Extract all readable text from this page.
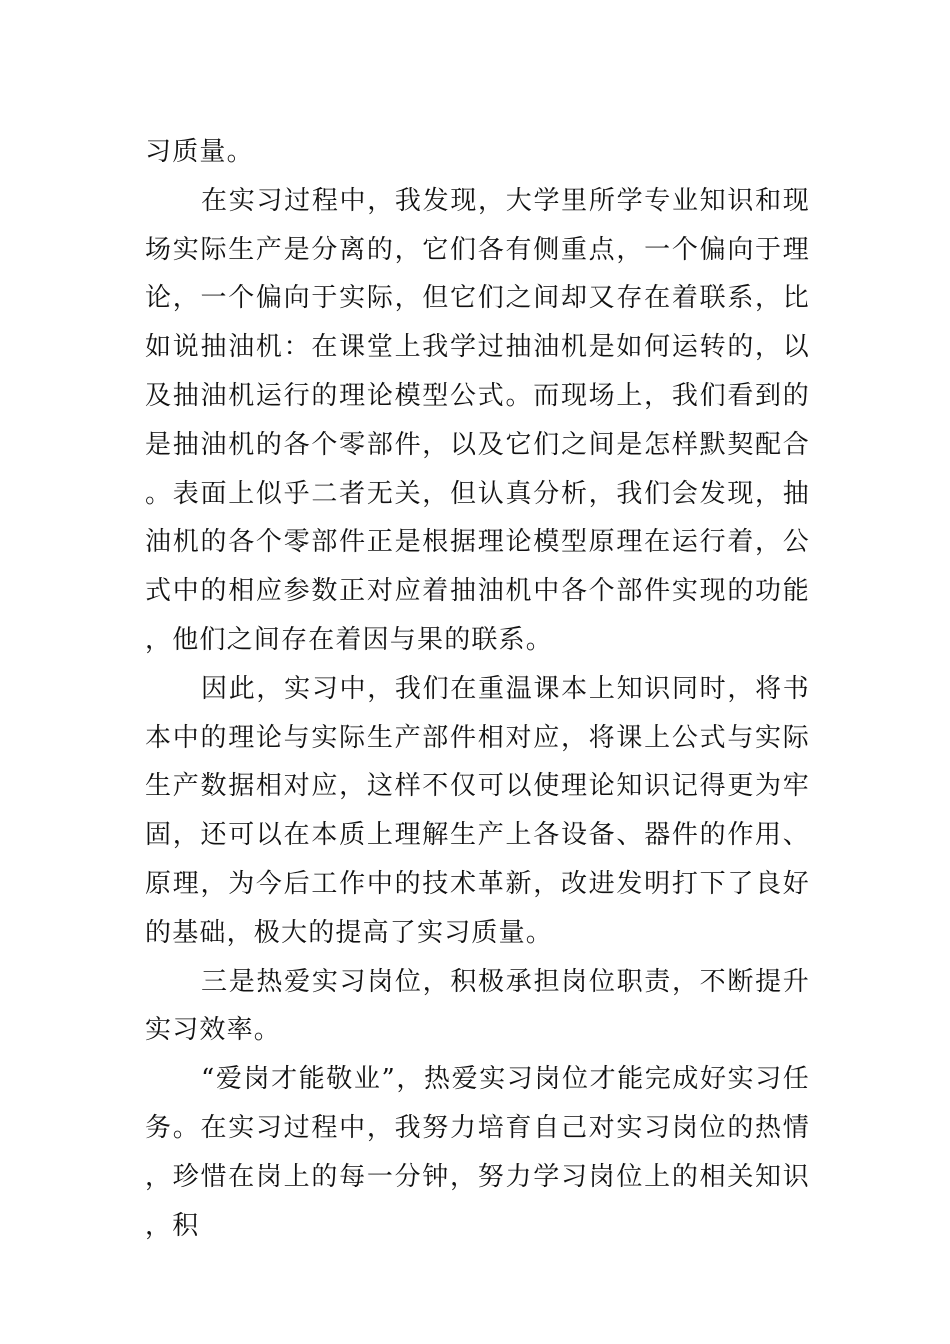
习质量。

在实习过程中，我发现，大学里所学专业知识和现场实际生产是分离的，它们各有侧重点，一个偏向于理论，一个偏向于实际，但它们之间却又存在着联系，比如说抽油机：在课堂上我学过抽油机是如何运转的，以及抽油机运行的理论模型公式。而现场上，我们看到的是抽油机的各个零部件，以及它们之间是怎样默契配合。表面上似乎二者无关，但认真分析，我们会发现，抽油机的各个零部件正是根据理论模型原理在运行着，公式中的相应参数正对应着抽油机中各个部件实现的功能，他们之间存在着因与果的联系。

因此，实习中，我们在重温课本上知识同时，将书本中的理论与实际生产部件相对应，将课上公式与实际生产数据相对应，这样不仅可以使理论知识记得更为牢固，还可以在本质上理解生产上各设备、器件的作用、原理，为今后工作中的技术革新，改进发明打下了良好的基础，极大的提高了实习质量。

三是热爱实习岗位，积极承担岗位职责，不断提升实习效率。

“爱岗才能敬业”，热爱实习岗位才能完成好实习任务。在实习过程中，我努力培育自己对实习岗位的热情，珍惜在岗上的每一分钟，努力学习岗位上的相关知识，积
